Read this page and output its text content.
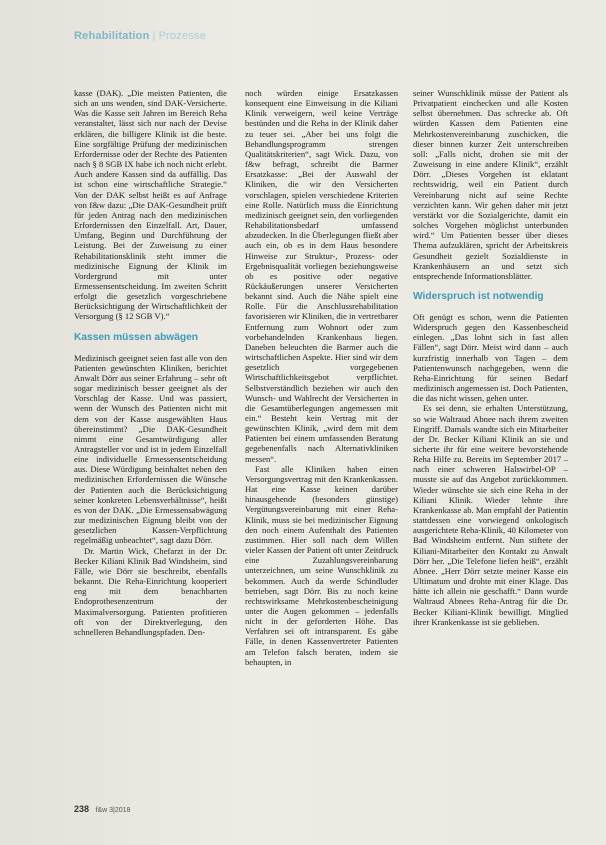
Rehabilitation | Prozesse

kasse (DAK). „Die meisten Patienten, die sich an uns wenden, sind DAK-Versicherte. Was die Kasse seit Jahren im Bereich Reha veranstaltet, lässt sich nur nach der Devise erklären, die billigere Klinik ist die beste. Eine sorgfältige Prüfung der medizinischen Erfordernisse oder der Rechte des Patienten nach § 8 SGB IX habe ich noch nicht erlebt. Auch andere Kassen sind da auffällig. Das ist schon eine wirtschaftliche Strategie.“ Von der DAK selbst heißt es auf Anfrage von f&w dazu: „Die DAK-Gesundheit prüft für jeden Antrag nach den medizinischen Erfordernissen den Einzelfall. Art, Dauer, Umfang, Beginn und Durchführung der Leistung. Bei der Zuweisung zu einer Rehabilitationsklinik steht immer die medizinische Eignung der Klinik im Vordergrund mit unter Ermessensentscheidung. Im zweiten Schritt erfolgt die gesetzlich vorgeschriebene Berücksichtigung der Wirtschaftlichkeit der Versorgung (§ 12 SGB V).“

Kassen müssen abwägen

Medizinisch geeignet seien fast alle von den Patienten gewünschten Kliniken, berichtet Anwalt Dörr aus seiner Erfahrung – sehr oft sogar medizinisch besser geeignet als der Vorschlag der Kasse. Und was passiert, wenn der Wunsch des Patienten nicht mit dem von der Kasse ausgewählten Haus übereinstimmt? „Die DAK-Gesundheit nimmt eine Gesamtwürdigung aller Antragsteller vor und ist in jedem Einzelfall eine individuelle Ermessensentscheidung aus. Diese Würdigung beinhaltet neben den medizinischen Erfordernissen die Wünsche der Patienten auch die Berücksichtigung seiner konkreten Lebensverhältnisse“, heißt es von der DAK. „Die Ermessensabwägung zur medizinischen Eignung bleibt von der gesetzlichen Kassen-Verpflichtung regelmäßig unbeachtet“, sagt dazu Dörr.

Dr. Martin Wick, Chefarzt in der Dr. Becker Kiliani Klinik Bad Windsheim, sind Fälle, wie Dörr sie beschreibt, ebenfalls bekannt. Die Reha-Einrichtung kooperiert eng mit dem benachbarten Endoprothesenzentrum der Maximalversorgung. Patienten profitieren oft von der Direktverlegung, den schnelleren Behandlungspfaden. Den-

noch würden einige Ersatzkassen konsequent eine Einweisung in die Kiliani Klinik verweigern, weil keine Verträge bestünden und die Reha in der Klinik daher zu teuer sei. „Aber bei uns folgt die Behandlungsprogramm strengen Qualitätskriterien“, sagt Wick. Dazu, von f&w befragt, schreibt die Barmer Ersatzkasse: „Bei der Auswahl der Kliniken, die wir den Versicherten vorschlagen, spielen verschiedene Kriterien eine Rolle. Natürlich muss die Einrichtung medizinisch geeignet sein, den vorliegenden Rehabilitationsbedarf umfassend abzudecken. In die Überlegungen fließt aber auch ein, ob es in dem Haus besondere Hinweise zur Struktur-, Prozess- oder Ergebnisqualität vorliegen beziehungsweise ob es positive oder negative Rückäußerungen unserer Versicherten bekannt sind. Auch die Nähe spielt eine Rolle. Für die Anschlussrehabilitation favorisieren wir Kliniken, die in vertretbarer Entfernung zum Wohnort oder zum vorbehandelnden Krankenhaus liegen. Daneben beleuchten die Barmer auch die wirtschaftlichen Aspekte. Hier sind wir dem gesetzlich vorgegebenen Wirtschaftlichkeitsgebot verpflichtet. Selbstverständlich beziehen wir auch den Wunsch- und Wahlrecht der Versicherten in die Gesamtüberlegungen angemessen mit ein.“ Besteht kein Vertrag mit der gewünschten Klinik, „wird dem mit dem Patienten bei einem umfassenden Beratung gegebenenfalls nach Alternativkliniken messen“.

Fast alle Kliniken haben einen Versorgungsvertrag mit den Krankenkassen. Hat eine Kasse keinen darüber hinausgehende (besonders günstige) Vergütungsvereinbarung mit einer Reha-Klinik, muss sie bei medizinischer Eignung den noch einem Aufenthalt des Patienten zustimmen. Hier soll nach dem Willen vieler Kassen der Patient oft unter Zeitdruck eine Zuzahlungsvereinbarung unterzeichnen, um seine Wunschklinik zu bekommen. Auch da werde Schindluder betrieben, sagt Dörr. Bis zu noch keine rechtswirksame Mehrkostenbescheinigung unter die Augen gekommen – jedenfalls nicht in der geforderten Höhe. Das Verfahren sei oft intransparent. Es gäbe Fälle, in denen Kassenvertreter Patienten am Telefon falsch beraten, indem sie behaupten, in

seiner Wunschklinik müsse der Patient als Privatpatient einchecken und alle Kosten selbst übernehmen. Das schrecke ab. Oft würden Kassen dem Patienten eine Mehrkostenvereinbarung zuschicken, die dieser binnen kurzer Zeit unterschreiben soll: „Falls nicht, drohen sie mit der Zuweisung in eine andere Klinik“, erzählt Dörr. „Dieses Vorgehen ist eklatant rechtswidrig, weil ein Patient durch Vereinbarung nicht auf seine Rechte verzichten kann. Wir gehen daher mit jetzt verstärkt vor die Sozialgerichte, damit ein solches Vorgehen möglichst unterbunden wird.“ Um Patienten besser über dieses Thema aufzuklären, spricht der Arbeitskreis Gesundheit gezielt Sozialdienste in Krankenhäusern an und setzt sich entsprechende Informationsblätter.

Widerspruch ist notwendig

Oft genügt es schon, wenn die Patienten Widerspruch gegen den Kassenbescheid einlegen. „Das lohnt sich in fast allen Fällen“, sagt Dörr. Meist wird dann – auch kurzfristig innerhalb von Tagen – dem Patientenwunsch nachgegeben, wenn die Reha-Einrichtung für seinen Bedarf medizinisch angemessen ist. Doch Patienten, die das nicht wissen, gehen unter.

Es sei denn, sie erhalten Unterstützung, so wie Waltraud Abnee nach ihrem zweiten Eingriff. Damals wandte sich ein Mitarbeiter der Dr. Becker Kiliani Klinik an sie und sicherte ihr für eine weitere bevorstehende Reha Hilfe zu. Bereits im September 2017 – nach einer schweren Halswirbel-OP – musste sie auf das Angebot zurückkommen. Wieder wünschte sie sich eine Reha in der Kiliani Klinik. Wieder lehnte ihre Krankenkasse ab. Man empfahl der Patientin stattdessen eine vorwiegend onkologisch ausgerichtete Reha-Klinik, 40 Kilometer von Bad Windsheim entfernt. Nun stiftete der Kiliani-Mitarbeiter den Kontakt zu Anwalt Dörr her. „Die Telefone liefen heiß“, erzählt Abnee. „Herr Dörr setzte meiner Kasse ein Ultimatum und drohte mit einer Klage. Das hätte ich allein nie geschafft.“ Dann wurde Waltraud Abnees Reha-Antrag für die Dr. Becker Kiliani-Klinik bewilligt. Mitglied ihrer Krankenkasse ist sie geblieben.

238 f&w 3|2018
